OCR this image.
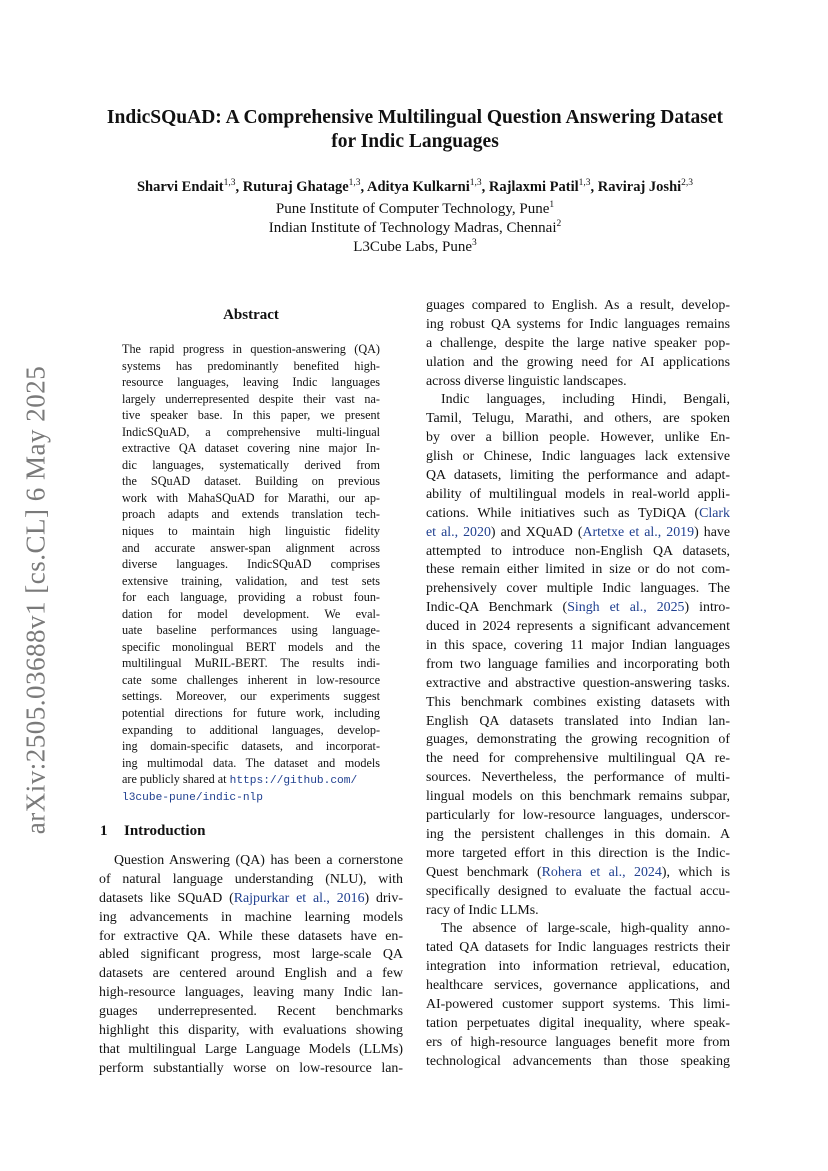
arXiv:2505.03688v1 [cs.CL] 6 May 2025
IndicSQuAD: A Comprehensive Multilingual Question Answering Dataset
for Indic Languages
Sharvi Endait$^{1,3}$, Ruturaj Ghatage$^{1,3}$, Aditya Kulkarni$^{1,3}$, Rajlaxmi Patil$^{1,3}$, Raviraj Joshi$^{2,3}$
Pune Institute of Computer Technology, Pune$^1$
Indian Institute of Technology Madras, Chennai$^2$
L3Cube Labs, Pune$^3$
Abstract
The rapid progress in question-answering (QA)
systems has predominantly benefited high-
resource languages, leaving Indic languages
largely underrepresented despite their vast na-
tive speaker base. In this paper, we present
IndicSQuAD, a comprehensive multi-lingual
extractive QA dataset covering nine major In-
dic languages, systematically derived from
the SQuAD dataset. Building on previous
work with MahaSQuAD for Marathi, our ap-
proach adapts and extends translation tech-
niques to maintain high linguistic fidelity
and accurate answer-span alignment across
diverse languages. IndicSQuAD comprises
extensive training, validation, and test sets
for each language, providing a robust foun-
dation for model development. We eval-
uate baseline performances using language-
specific monolingual BERT models and the
multilingual MuRIL-BERT. The results indi-
cate some challenges inherent in low-resource
settings. Moreover, our experiments suggest
potential directions for future work, including
expanding to additional languages, develop-
ing domain-specific datasets, and incorporat-
ing multimodal data. The dataset and models
are publicly shared at https://github.com/
l3cube-pune/indic-nlp
1 Introduction
Question Answering (QA) has been a cornerstone
of natural language understanding (NLU), with
datasets like SQuAD (Rajpurkar et al., 2016) driv-
ing advancements in machine learning models
for extractive QA. While these datasets have en-
abled significant progress, most large-scale QA
datasets are centered around English and a few
high-resource languages, leaving many Indic lan-
guages underrepresented. Recent benchmarks
highlight this disparity, with evaluations showing
that multilingual Large Language Models (LLMs)
perform substantially worse on low-resource lan-
guages compared to English. As a result, develop-
ing robust QA systems for Indic languages remains
a challenge, despite the large native speaker pop-
ulation and the growing need for AI applications
across diverse linguistic landscapes.
Indic languages, including Hindi, Bengali,
Tamil, Telugu, Marathi, and others, are spoken
by over a billion people. However, unlike En-
glish or Chinese, Indic languages lack extensive
QA datasets, limiting the performance and adapt-
ability of multilingual models in real-world appli-
cations. While initiatives such as TyDiQA (Clark
et al., 2020) and XQuAD (Artetxe et al., 2019) have
attempted to introduce non-English QA datasets,
these remain either limited in size or do not com-
prehensively cover multiple Indic languages. The
Indic-QA Benchmark (Singh et al., 2025) intro-
duced in 2024 represents a significant advancement
in this space, covering 11 major Indian languages
from two language families and incorporating both
extractive and abstractive question-answering tasks.
This benchmark combines existing datasets with
English QA datasets translated into Indian lan-
guages, demonstrating the growing recognition of
the need for comprehensive multilingual QA re-
sources. Nevertheless, the performance of multi-
lingual models on this benchmark remains subpar,
particularly for low-resource languages, underscor-
ing the persistent challenges in this domain. A
more targeted effort in this direction is the Indic-
Quest benchmark (Rohera et al., 2024), which is
specifically designed to evaluate the factual accu-
racy of Indic LLMs.
The absence of large-scale, high-quality anno-
tated QA datasets for Indic languages restricts their
integration into information retrieval, education,
healthcare services, governance applications, and
AI-powered customer support systems. This limi-
tation perpetuates digital inequality, where speak-
ers of high-resource languages benefit more from
technological advancements than those speaking
